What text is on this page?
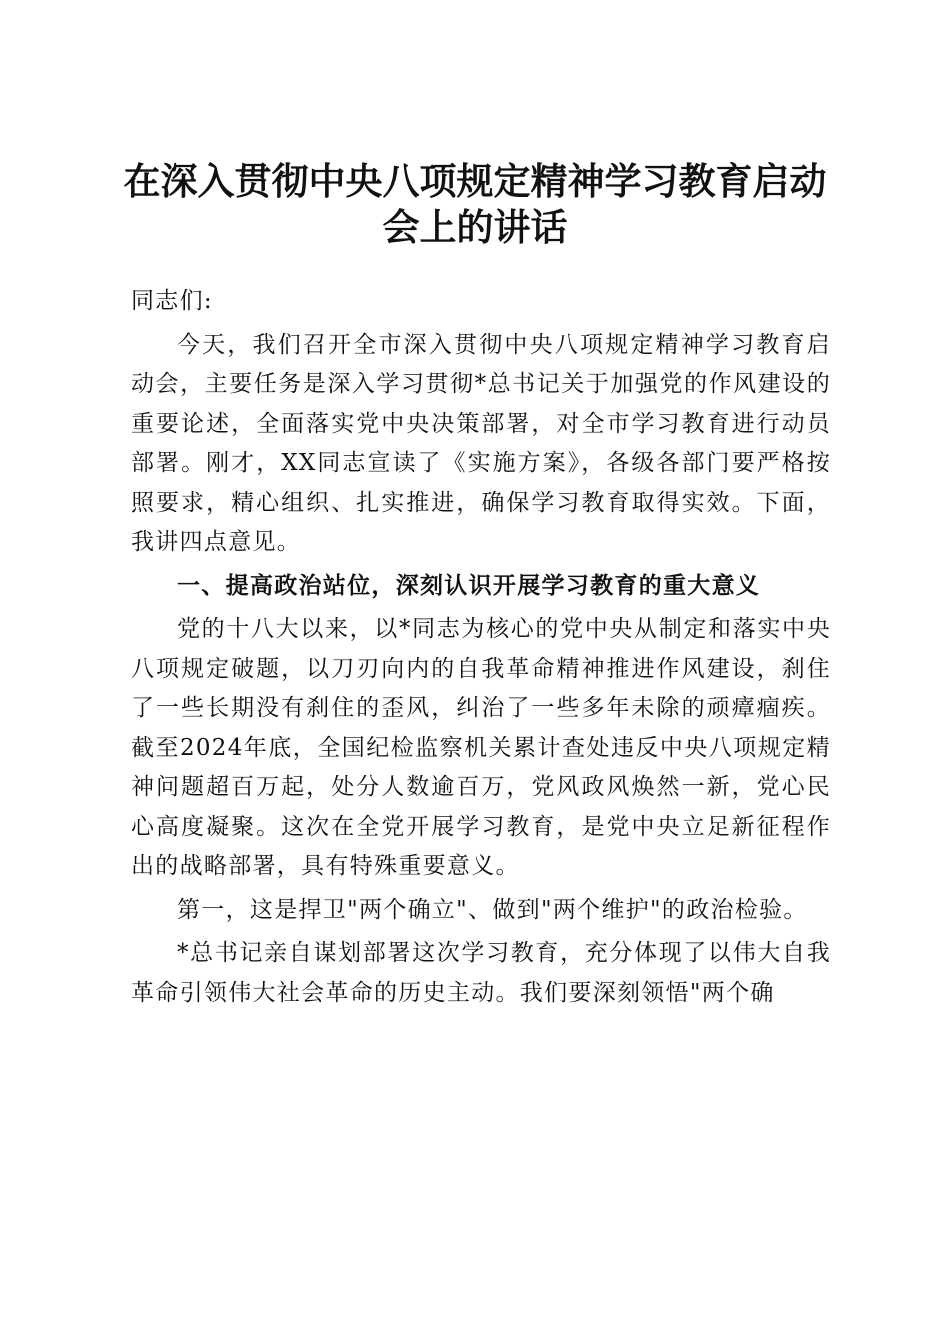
在深入贯彻中央八项规定精神学习教育启动会上的讲话

同志们:

今天，我们召开全市深入贯彻中央八项规定精神学习教育启动会，主要任务是深入学习贯彻*总书记关于加强党的作风建设的重要论述，全面落实党中央决策部署，对全市学习教育进行动员部署。刚才，XX同志宣读了《实施方案》，各级各部门要严格按照要求，精心组织、扎实推进，确保学习教育取得实效。下面，我讲四点意见。

一、提高政治站位，深刻认识开展学习教育的重大意义

党的十八大以来，以*同志为核心的党中央从制定和落实中央八项规定破题，以刀刃向内的自我革命精神推进作风建设，刹住了一些长期没有刹住的歪风，纠治了一些多年未除的顽瘴痼疾。截至2024年底，全国纪检监察机关累计查处违反中央八项规定精神问题超百万起，处分人数逾百万，党风政风焕然一新，党心民心高度凝聚。这次在全党开展学习教育，是党中央立足新征程作出的战略部署，具有特殊重要意义。

第一，这是捍卫"两个确立"、做到"两个维护"的政治检验。

*总书记亲自谋划部署这次学习教育，充分体现了以伟大自我革命引领伟大社会革命的历史主动。我们要深刻领悟"两个确
